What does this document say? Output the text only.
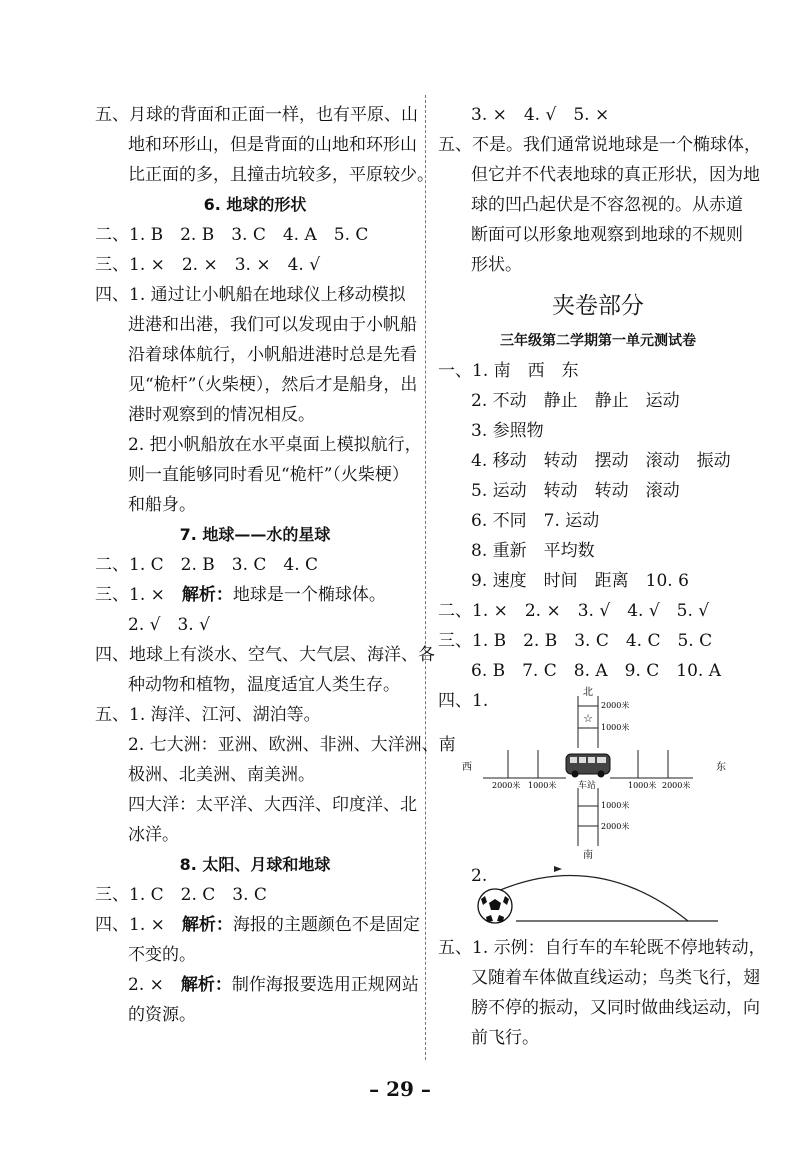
五、月球的背面和正面一样，也有平原、山
地和环形山，但是背面的山地和环形山
比正面的多，且撞击坑较多，平原较少。
6. 地球的形状
二、1. B　2. B　3. C　4. A　5. C
三、1. ×　2. ×　3. ×　4. √
四、1. 通过让小帆船在地球仪上移动模拟
进港和出港，我们可以发现由于小帆船
沿着球体航行，小帆船进港时总是先看
见“桅杆”（火柴梗），然后才是船身，出
港时观察到的情况相反。
2. 把小帆船放在水平桌面上模拟航行，
则一直能够同时看见“桅杆”（火柴梗）
和船身。
7. 地球——水的星球
二、1. C　2. B　3. C　4. C
三、1. ×　解析：地球是一个椭球体。
2. √　3. √
四、地球上有淡水、空气、大气层、海洋、各
种动物和植物，温度适宜人类生存。
五、1. 海洋、江河、湖泊等。
2. 七大洲：亚洲、欧洲、非洲、大洋洲、南
极洲、北美洲、南美洲。
四大洋：太平洋、大西洋、印度洋、北
冰洋。
8. 太阳、月球和地球
三、1. C　2. C　3. C
四、1. ×　解析：海报的主题颜色不是固定
不变的。
2. ×　解析：制作海报要选用正规网站
的资源。
3. ×　4. √　5. ×
五、不是。我们通常说地球是一个椭球体，
但它并不代表地球的真正形状，因为地
球的凹凸起伏是不容忽视的。从赤道
断面可以形象地观察到地球的不规则
形状。
夹卷部分
三年级第二学期第一单元测试卷
一、1. 南　西　东
2. 不动　静止　静止　运动
3. 参照物
4. 移动　转动　摆动　滚动　振动
5. 运动　转动　转动　滚动
6. 不同　7. 运动
8. 重新　平均数
9. 速度　时间　距离　10. 6
二、1. ×　2. ×　3. √　4. √　5. √
三、1. B　2. B　3. C　4. C　5. C
6. B　7. C　8. A　9. C　10. A
四、1.	北
☆
2000米
1000米
车站
1000米
2000米
南
西
2000米 1000米
东
1000米 2000米
2.
五、1. 示例：自行车的车轮既不停地转动，
又随着车体做直线运动；鸟类飞行，翅
膀不停的振动，又同时做曲线运动，向
前飞行。
– 29 –
